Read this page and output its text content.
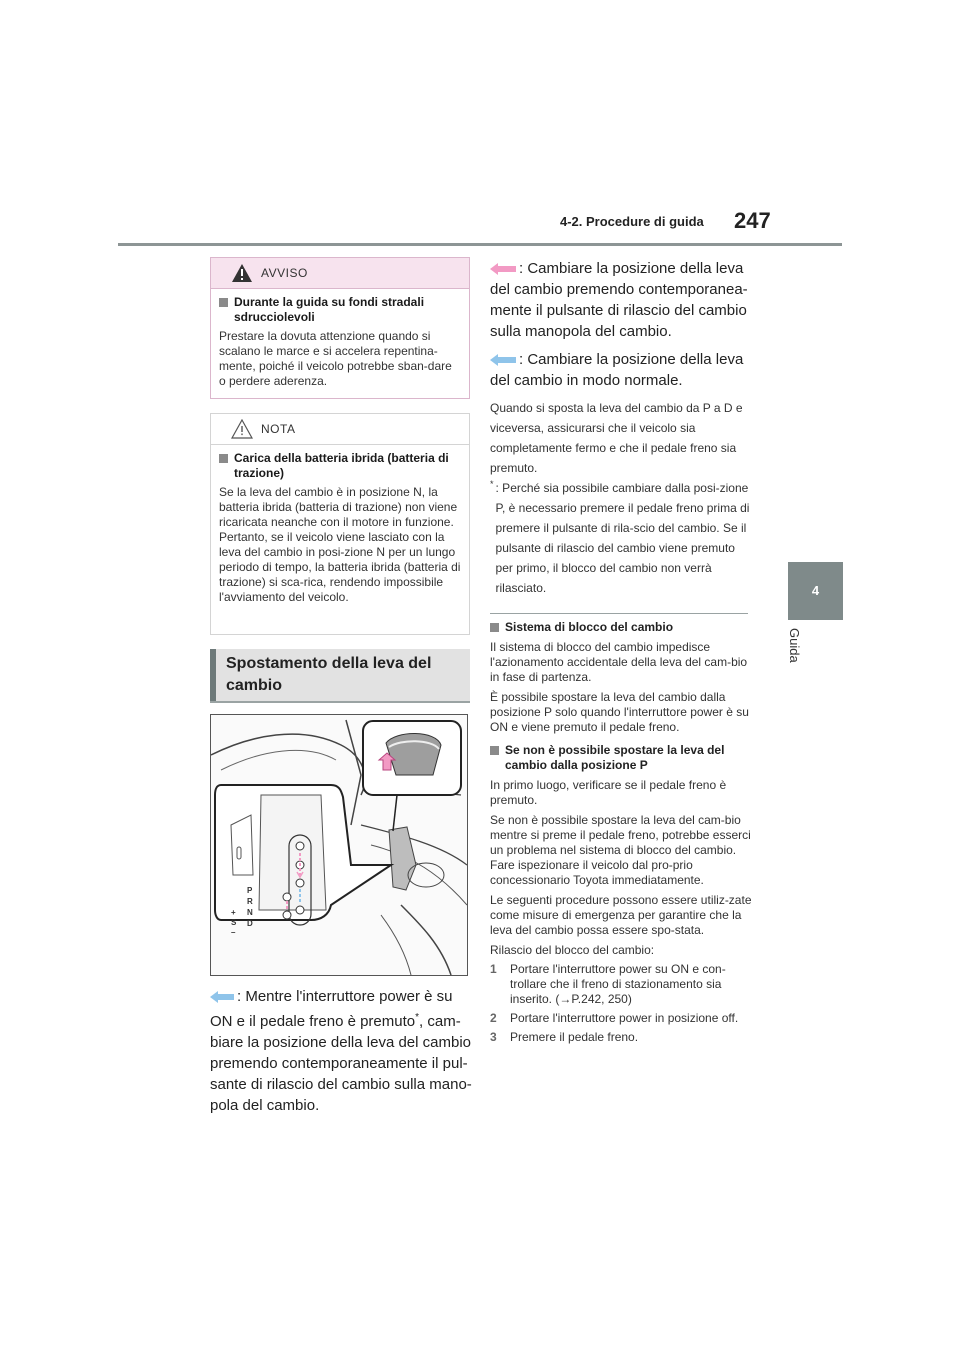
4-2. Procedure di guida 247
4
Guida
AVVISO
Durante la guida su fondi stradali sdrucciolevoli
Prestare la dovuta attenzione quando si scalano le marce e si accelera repentina-mente, poiché il veicolo potrebbe sban-dare o perdere aderenza.
NOTA
Carica della batteria ibrida (batteria di trazione)
Se la leva del cambio è in posizione N, la batteria ibrida (batteria di trazione) non viene ricaricata neanche con il motore in funzione. Pertanto, se il veicolo viene lasciato con la leva del cambio in posi-zione N per un lungo periodo di tempo, la batteria ibrida (batteria di trazione) si sca-rica, rendendo impossibile l'avviamento del veicolo.
Spostamento della leva del cambio
P
R
N
D
+
S
–
: Mentre l'interruttore power è su ON e il pedale freno è premuto*, cam-biare la posizione della leva del cambio premendo contemporaneamente il pul-sante di rilascio del cambio sulla mano-pola del cambio.
: Cambiare la posizione della leva del cambio premendo contemporanea-mente il pulsante di rilascio del cambio sulla manopola del cambio.
: Cambiare la posizione della leva del cambio in modo normale.
Quando si sposta la leva del cambio da P a D e viceversa, assicurarsi che il veicolo sia completamente fermo e che il pedale freno sia premuto.
* : Perché sia possibile cambiare dalla posi-zione P, è necessario premere il pedale freno prima di premere il pulsante di rila-scio del cambio. Se il pulsante di rilascio del cambio viene premuto per primo, il blocco del cambio non verrà rilasciato.
Sistema di blocco del cambio
Il sistema di blocco del cambio impedisce l'azionamento accidentale della leva del cam-bio in fase di partenza.
È possibile spostare la leva del cambio dalla posizione P solo quando l'interruttore power è su ON e viene premuto il pedale freno.
Se non è possibile spostare la leva del cambio dalla posizione P
In primo luogo, verificare se il pedale freno è premuto.
Se non è possibile spostare la leva del cam-bio mentre si preme il pedale freno, potrebbe esserci un problema nel sistema di blocco del cambio. Fare ispezionare il veicolo dal pro-prio concessionario Toyota immediatamente.
Le seguenti procedure possono essere utiliz-zate come misure di emergenza per garantire che la leva del cambio possa essere spo-stata.
Rilascio del blocco del cambio:
1	Portare l'interruttore power su ON e con-trollare che il freno di stazionamento sia inserito. (→P.242, 250)
2	Portare l'interruttore power in posizione off.
3	Premere il pedale freno.
